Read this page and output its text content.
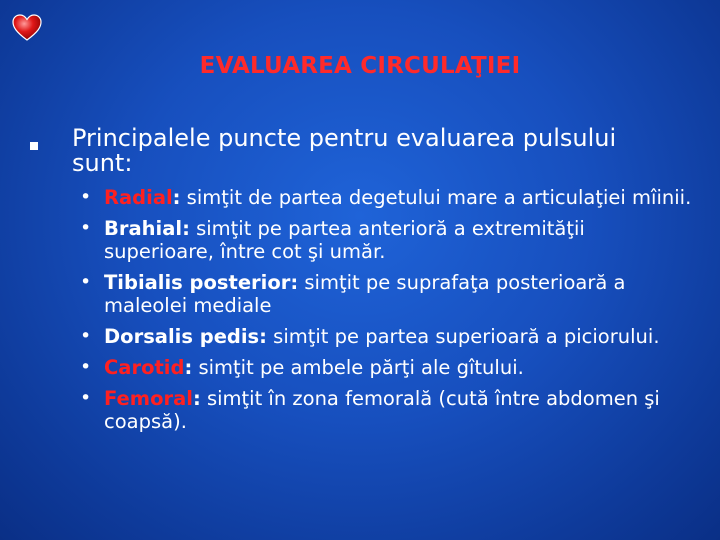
EVALUAREA CIRCULAŢIEI
Principalele puncte pentru evaluarea pulsului sunt:
• Radial: simţit de partea degetului mare a articulaţiei mîinii.
• Brahial: simţit pe partea anterioră a extremităţii superioare, între cot şi umăr.
• Tibialis posterior: simţit pe suprafaţa posterioară a maleolei mediale
• Dorsalis pedis: simţit pe partea superioară a piciorului.
• Carotid: simţit pe ambele părţi ale gîtului.
• Femoral: simţit în zona femorală (cută între abdomen şi coapsă).
